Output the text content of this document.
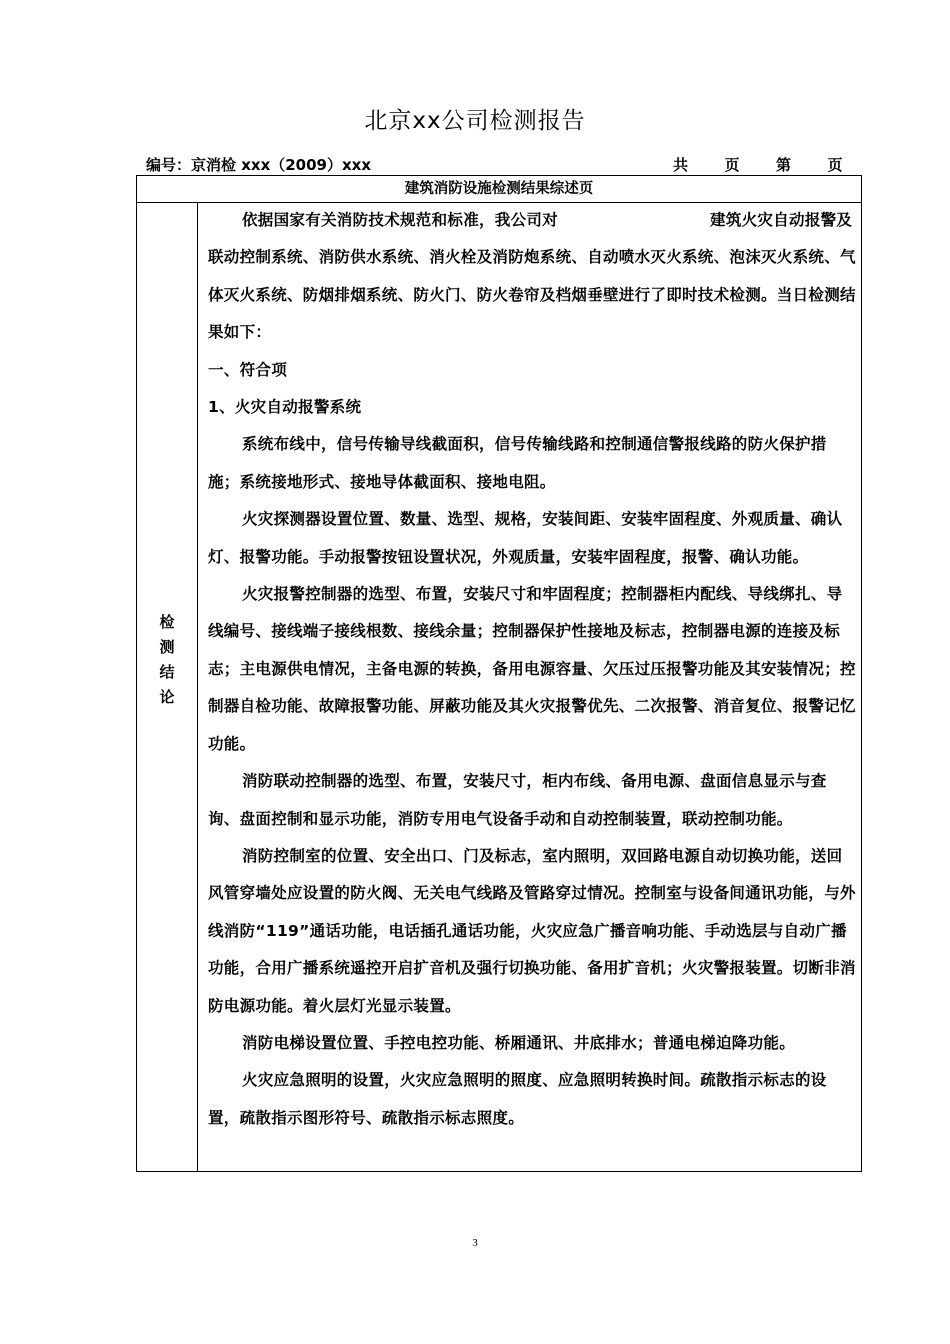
北京xx公司检测报告
编号：京消检 xxx（2009）xxx	共 页 第 页
建筑消防设施检测结果综述页
检
测
结
论

依据国家有关消防技术规范和标准，我公司对	建筑火灾自动报警及联动控制系统、消防供水系统、消火栓及消防炮系统、自动喷水灭火系统、泡沫灭火系统、气体灭火系统、防烟排烟系统、防火门、防火卷帘及档烟垂壁进行了即时技术检测。当日检测结果如下：

一、符合项

1、火灾自动报警系统

系统布线中，信号传输导线截面积，信号传输线路和控制通信警报线路的防火保护措施；系统接地形式、接地导体截面积、接地电阻。

火灾探测器设置位置、数量、选型、规格，安装间距、安装牢固程度、外观质量、确认灯、报警功能。手动报警按钮设置状况，外观质量，安装牢固程度，报警、确认功能。

火灾报警控制器的选型、布置，安装尺寸和牢固程度；控制器柜内配线、导线绑扎、导线编号、接线端子接线根数、接线余量；控制器保护性接地及标志，控制器电源的连接及标志；主电源供电情况，主备电源的转换，备用电源容量、欠压过压报警功能及其安装情况；控制器自检功能、故障报警功能、屏蔽功能及其火灾报警优先、二次报警、消音复位、报警记忆功能。

消防联动控制器的选型、布置，安装尺寸，柜内布线、备用电源、盘面信息显示与查询、盘面控制和显示功能，消防专用电气设备手动和自动控制装置，联动控制功能。

消防控制室的位置、安全出口、门及标志，室内照明，双回路电源自动切换功能，送回风管穿墙处应设置的防火阀、无关电气线路及管路穿过情况。控制室与设备间通讯功能，与外线消防“119”通话功能，电话插孔通话功能，火灾应急广播音响功能、手动选层与自动广播功能，合用广播系统遥控开启扩音机及强行切换功能、备用扩音机；火灾警报装置。切断非消防电源功能。着火层灯光显示装置。

消防电梯设置位置、手控电控功能、桥厢通讯、井底排水；普通电梯迫降功能。

火灾应急照明的设置，火灾应急照明的照度、应急照明转换时间。疏散指示标志的设置，疏散指示图形符号、疏散指示标志照度。

3
